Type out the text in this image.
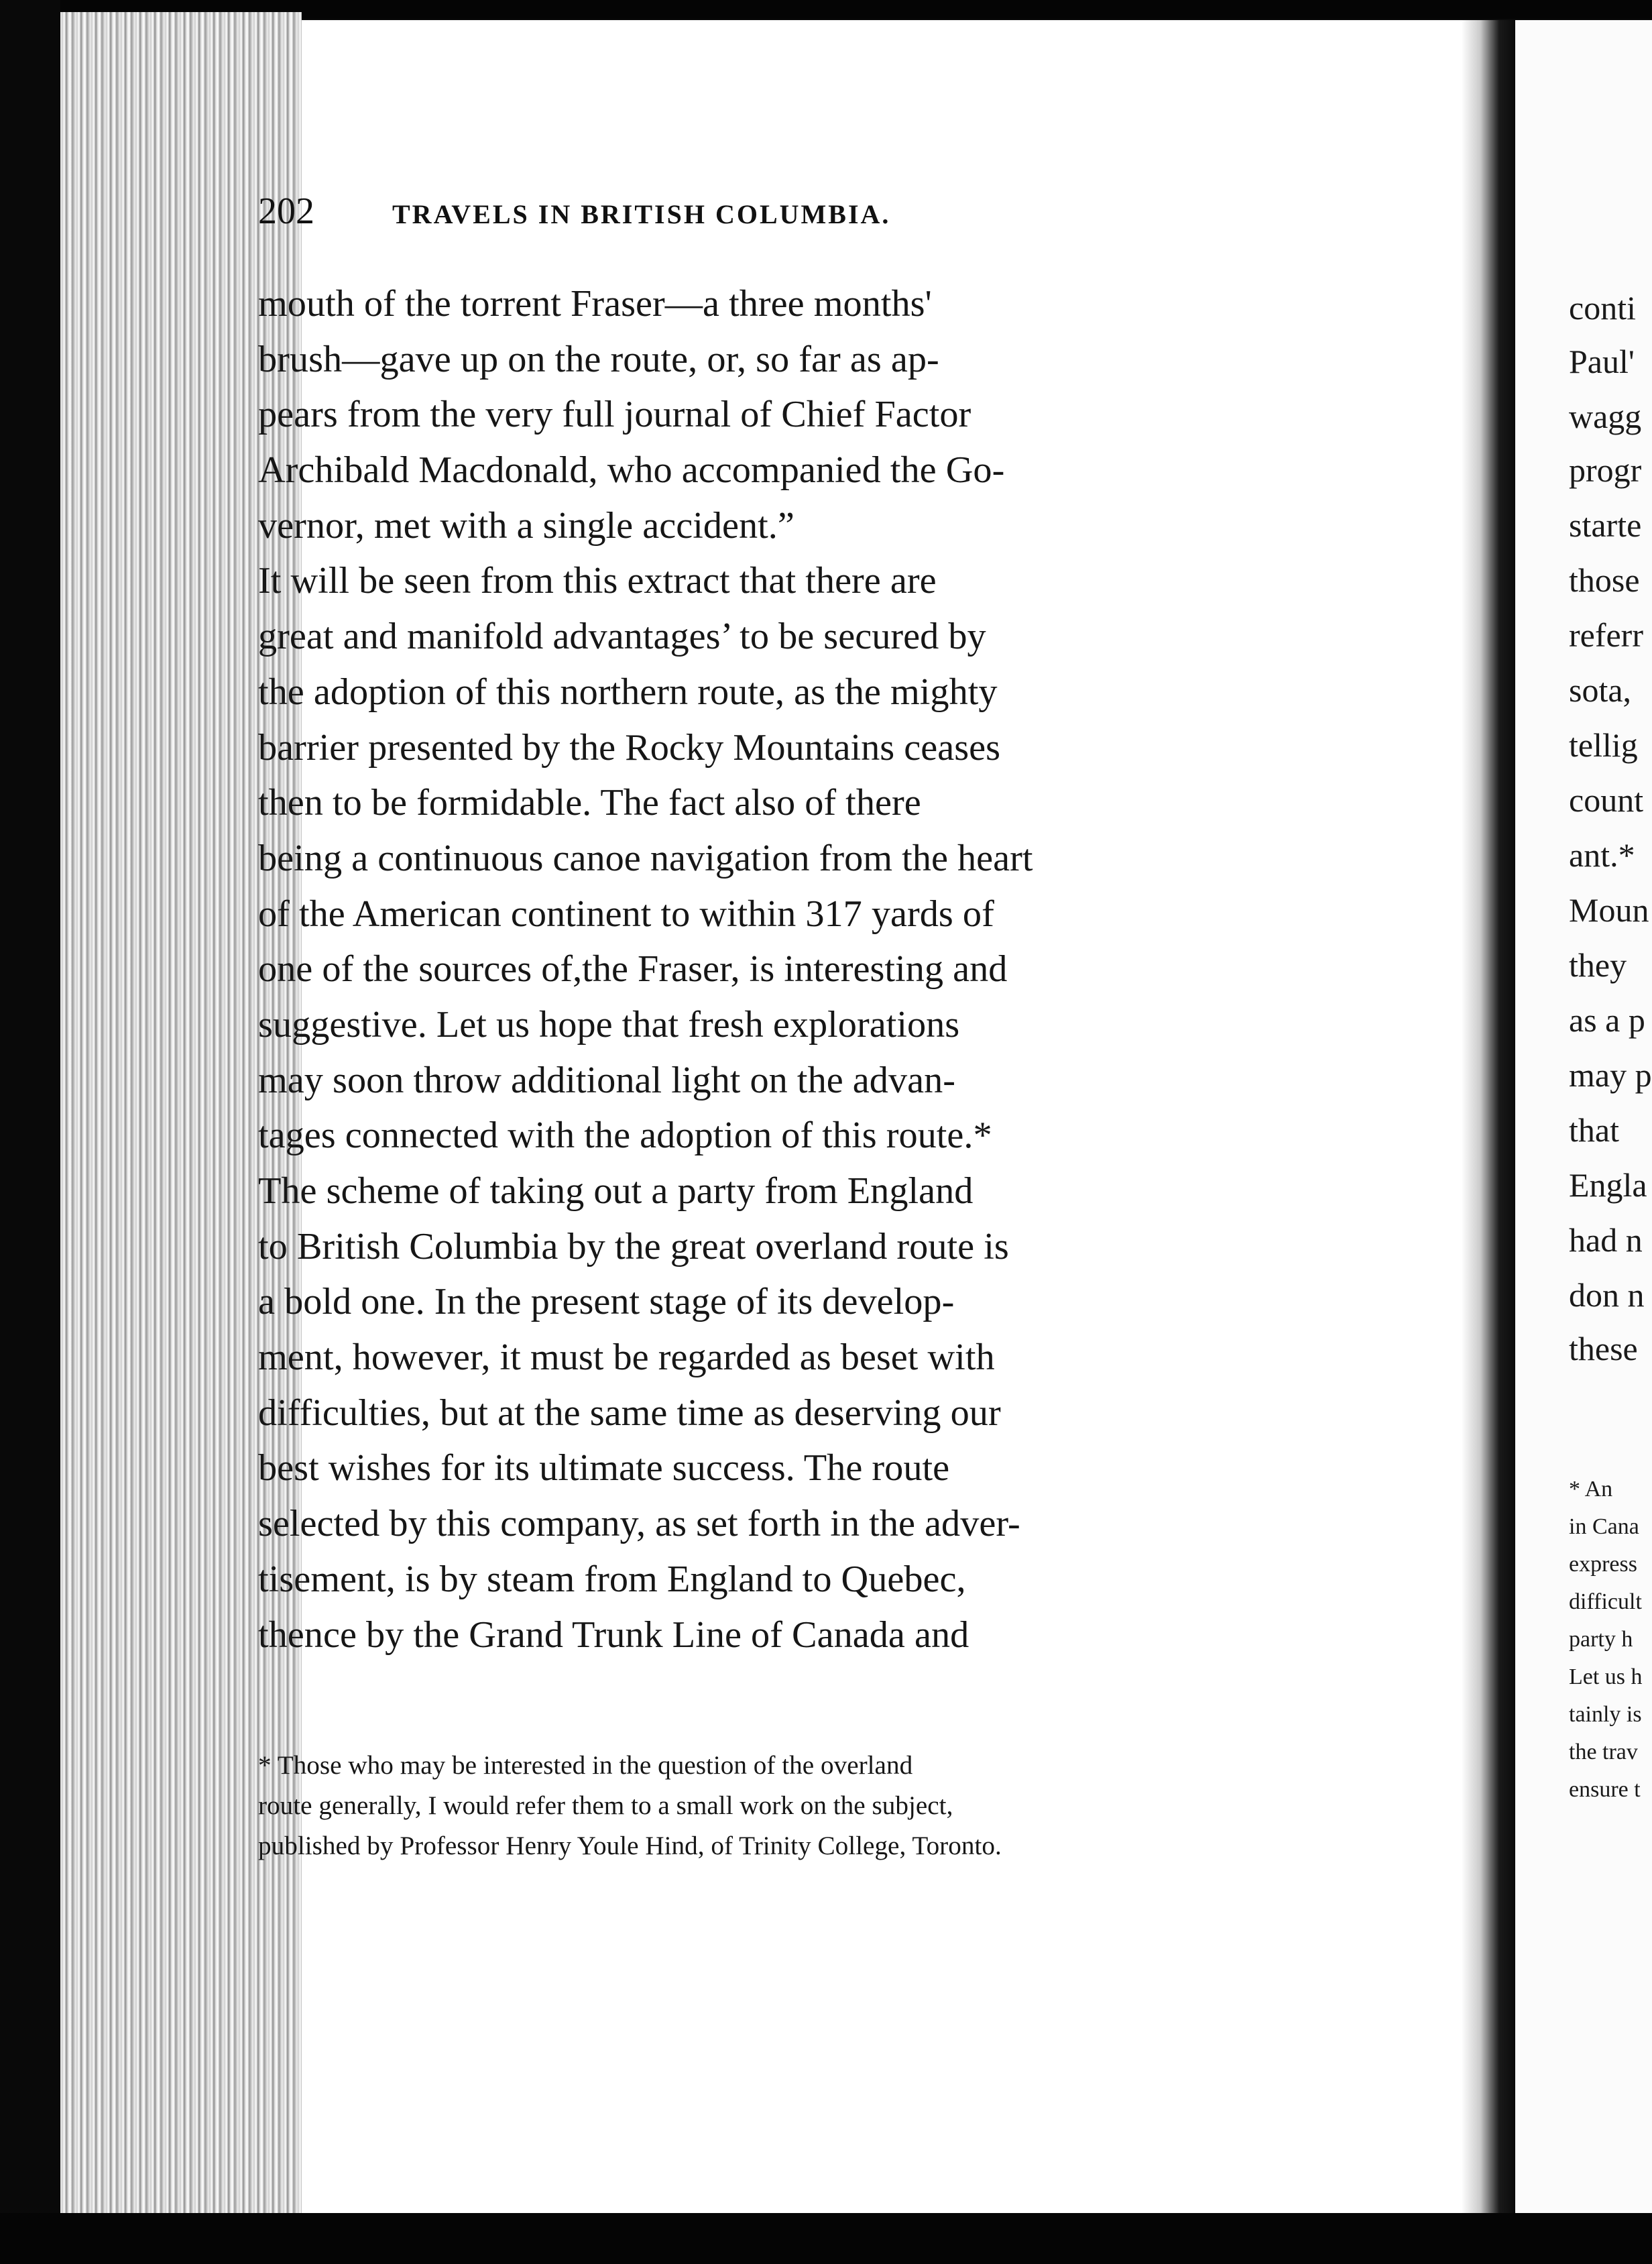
202	TRAVELS IN BRITISH COLUMBIA.
mouth of the torrent Fraser—a three months'
brush—gave up on the route, or, so far as ap-
pears from the very full journal of Chief Factor
Archibald Macdonald, who accompanied the Go-
vernor, met with a single accident.”
It will be seen from this extract that there are
great and manifold advantages’ to be secured by
the adoption of this northern route, as the mighty
barrier presented by the Rocky Mountains ceases
then to be formidable. The fact also of there
being a continuous canoe navigation from the heart
of the American continent to within 317 yards of
one of the sources of,the Fraser, is interesting and
suggestive. Let us hope that fresh explorations
may soon throw additional light on the advan-
tages connected with the adoption of this route.*
The scheme of taking out a party from England
to British Columbia by the great overland route is
a bold one. In the present stage of its develop-
ment, however, it must be regarded as beset with
difficulties, but at the same time as deserving our
best wishes for its ultimate success. The route
selected by this company, as set forth in the adver-
tisement, is by steam from England to Quebec,
thence by the Grand Trunk Line of Canada and
* Those who may be interested in the question of the overland
route generally, I would refer them to a small work on the subject,
published by Professor Henry Youle Hind, of Trinity College, Toronto.
conti
Paul'
wagg
progr
starte
those
referr
sota,
tellig
count
ant.*
Moun
they
as a p
may p
that
Engla
had n
don n
these
* An
in Cana
express
difficult
party h
Let us h
tainly is
the trav
ensure t
